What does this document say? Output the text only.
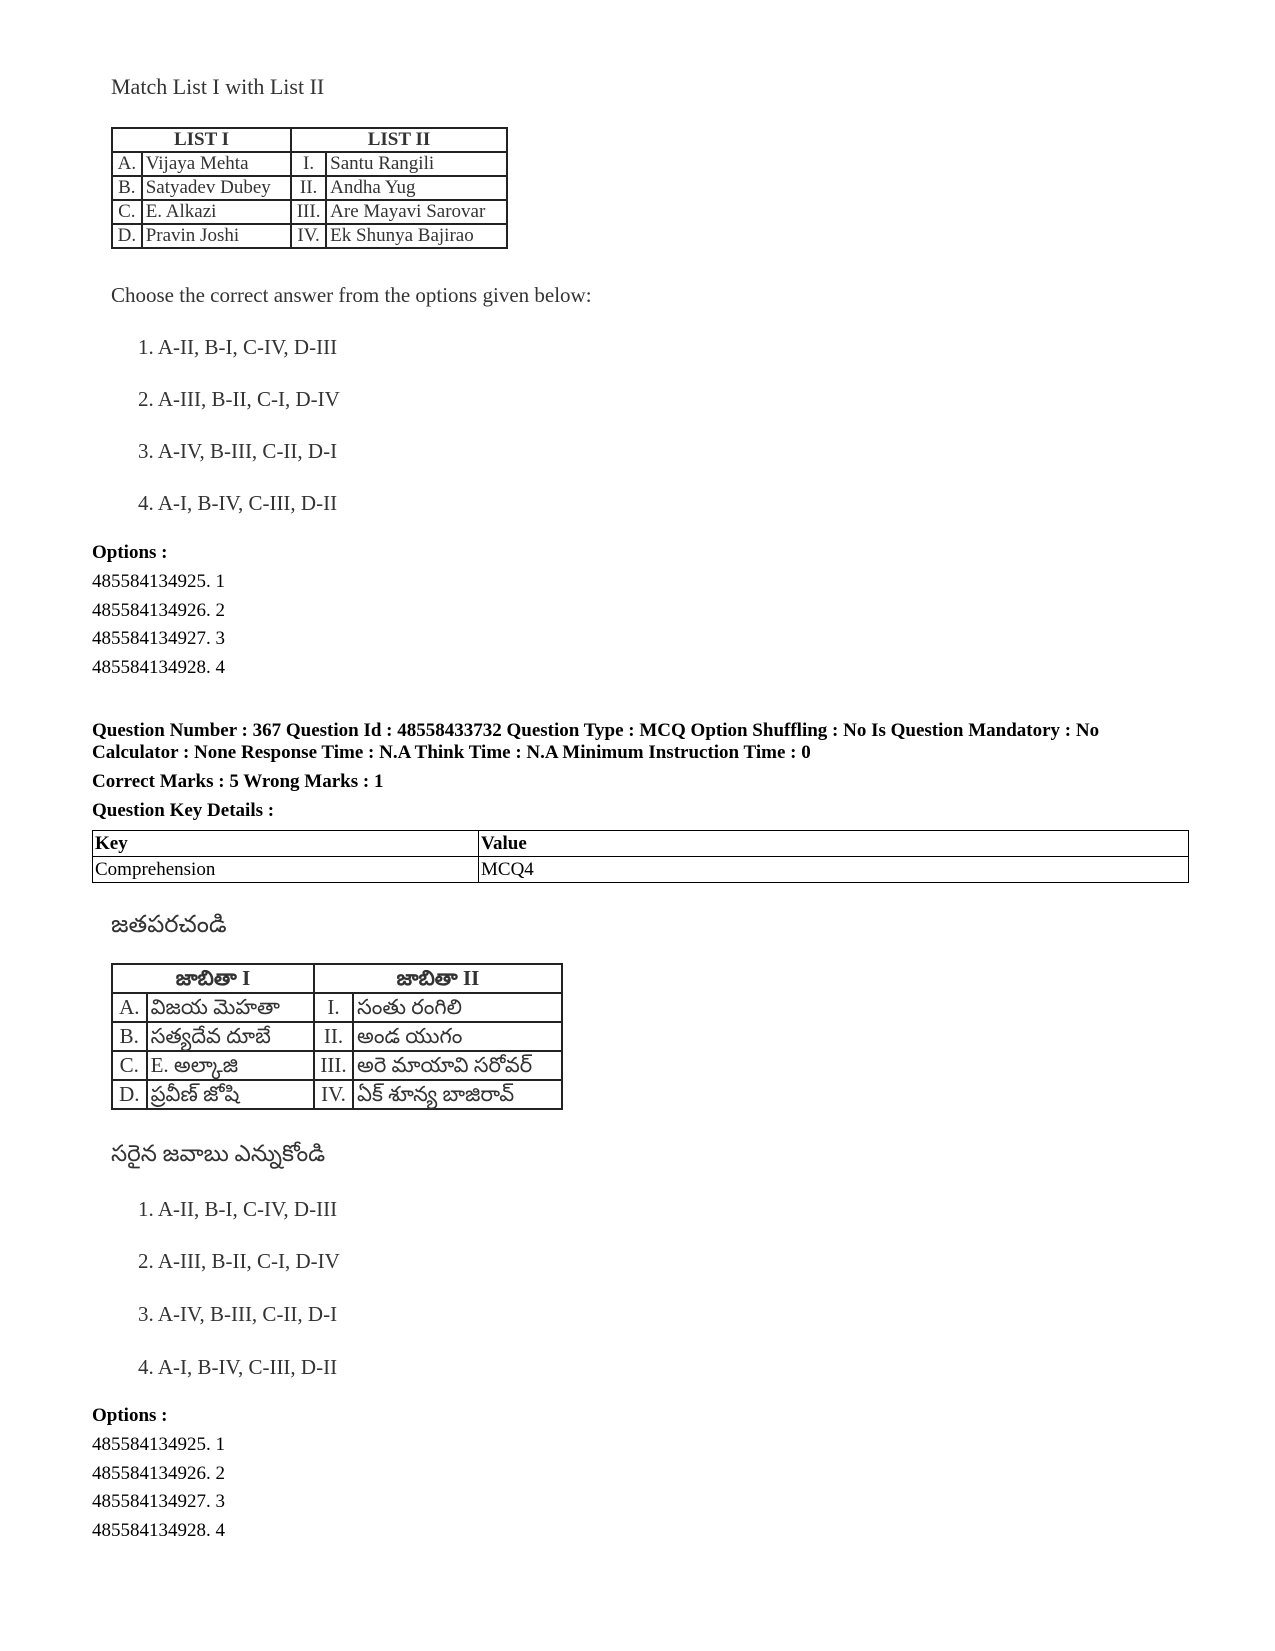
Match List I with List II
LIST I		LIST II	
A.	Vijaya Mehta	I.	Santu Rangili
B.	Satyadev Dubey	II.	Andha Yug
C.	E. Alkazi	III.	Are Mayavi Sarovar
D.	Pravin Joshi	IV.	Ek Shunya Bajirao
Choose the correct answer from the options given below:
1. A-II, B-I, C-IV, D-III
2. A-III, B-II, C-I, D-IV
3. A-IV, B-III, C-II, D-I
4. A-I, B-IV, C-III, D-II
Options :
485584134925. 1
485584134926. 2
485584134927. 3
485584134928. 4
Question Number : 367 Question Id : 48558433732 Question Type : MCQ Option Shuffling : No Is Question Mandatory : No Calculator : None Response Time : N.A Think Time : N.A Minimum Instruction Time : 0
Correct Marks : 5 Wrong Marks : 1
Question Key Details :
Key	Value
Comprehension	MCQ4
జతపరచండి
జాబితా I		జాబితా II	
A.	విజయ మెహతా	I.	సంతు రంగిలి
B.	సత్యదేవ దూబే	II.	అండ యుగం
C.	E. అల్కాజి	III.	అరె మాయావి సరోవర్
D.	ప్రవీణ్ జోషి	IV.	ఏక్ శూన్య బాజిరావ్
సరైన జవాబు ఎన్నుకోండి
1. A-II, B-I, C-IV, D-III
2. A-III, B-II, C-I, D-IV
3. A-IV, B-III, C-II, D-I
4. A-I, B-IV, C-III, D-II
Options :
485584134925. 1
485584134926. 2
485584134927. 3
485584134928. 4
